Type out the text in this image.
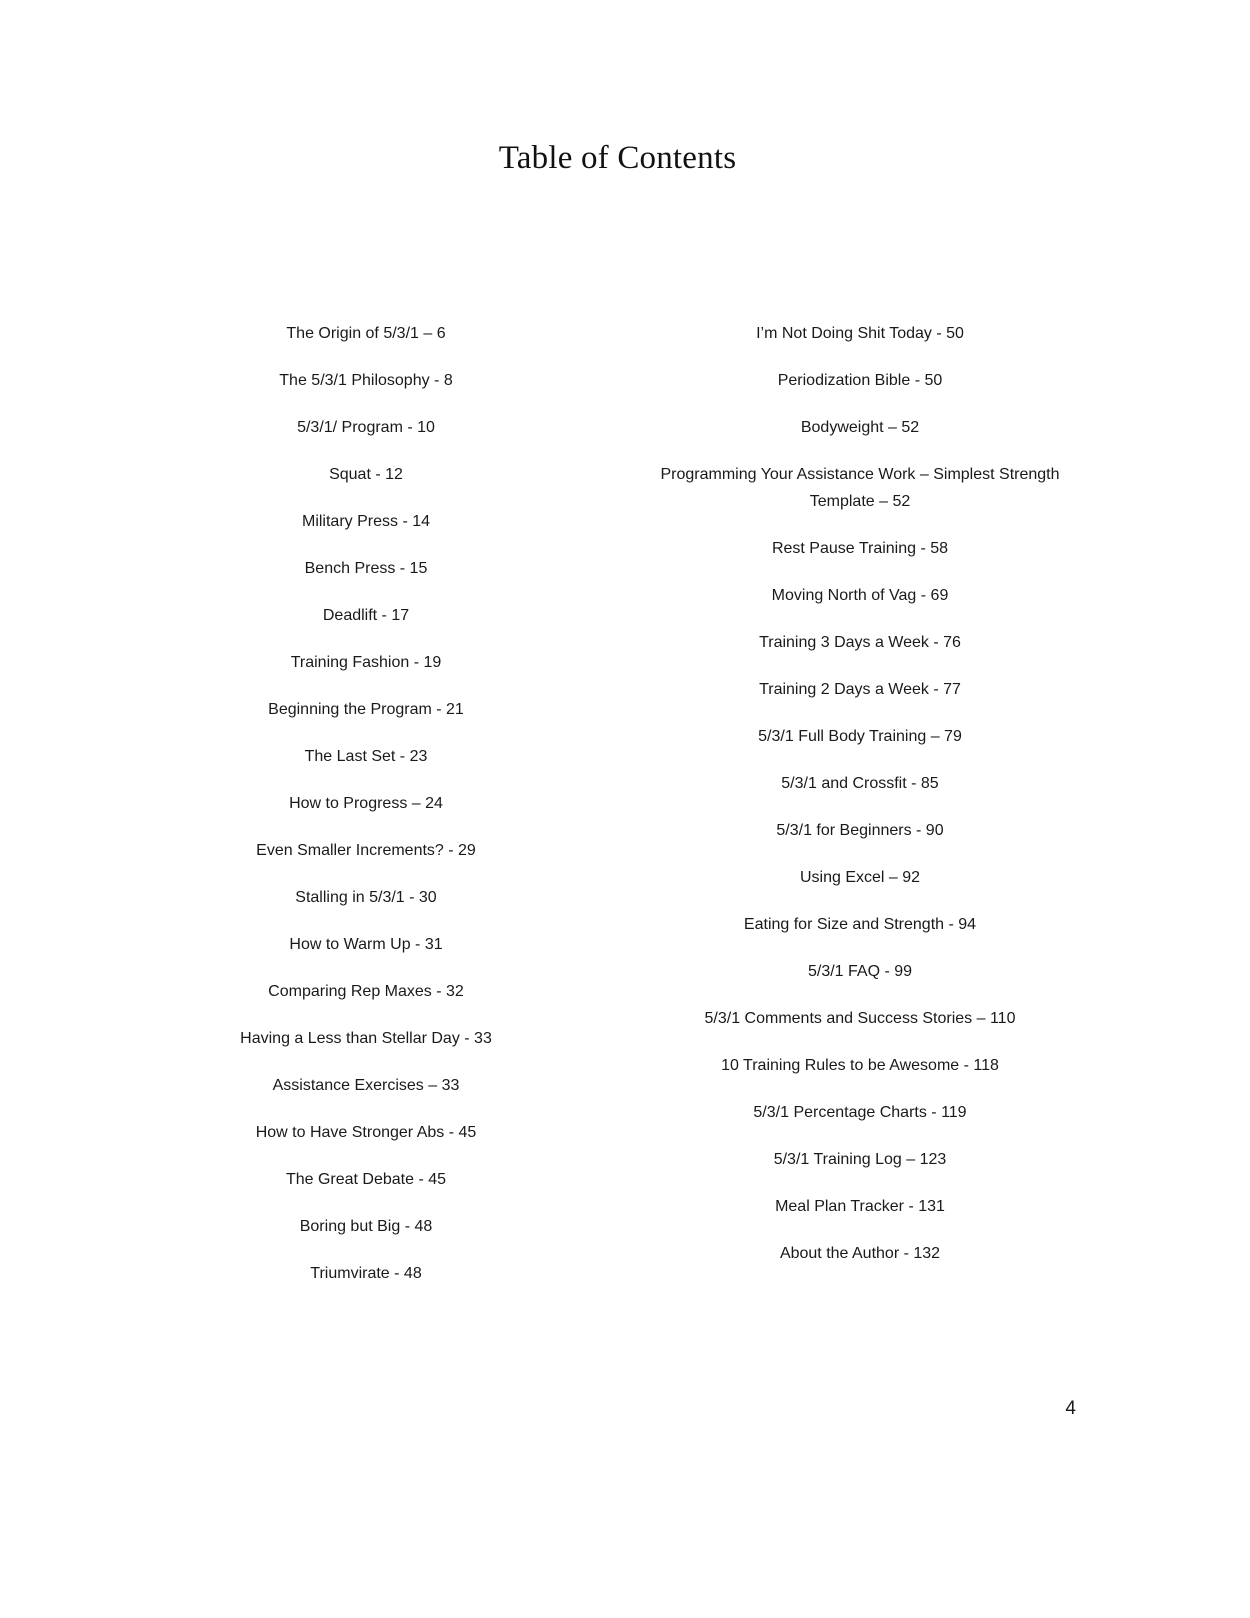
Table of Contents
The Origin of 5/3/1 – 6
The 5/3/1 Philosophy - 8
5/3/1/ Program - 10
Squat - 12
Military Press - 14
Bench Press - 15
Deadlift - 17
Training Fashion - 19
Beginning the Program - 21
The Last Set - 23
How to Progress – 24
Even Smaller Increments? - 29
Stalling in 5/3/1 - 30
How to Warm Up - 31
Comparing Rep Maxes - 32
Having a Less than Stellar Day - 33
Assistance Exercises – 33
How to Have Stronger Abs - 45
The Great Debate - 45
Boring but Big - 48
Triumvirate - 48
I’m Not Doing Shit Today - 50
Periodization Bible - 50
Bodyweight – 52
Programming Your Assistance Work – Simplest Strength Template – 52
Rest Pause Training - 58
Moving North of Vag - 69
Training 3 Days a Week - 76
Training 2 Days a Week - 77
5/3/1 Full Body Training – 79
5/3/1 and Crossfit - 85
5/3/1 for Beginners - 90
Using Excel – 92
Eating for Size and Strength - 94
5/3/1 FAQ - 99
5/3/1 Comments and Success Stories – 110
10 Training Rules to be Awesome - 118
5/3/1 Percentage Charts - 119
5/3/1 Training Log – 123
Meal Plan Tracker - 131
About the Author - 132
4
